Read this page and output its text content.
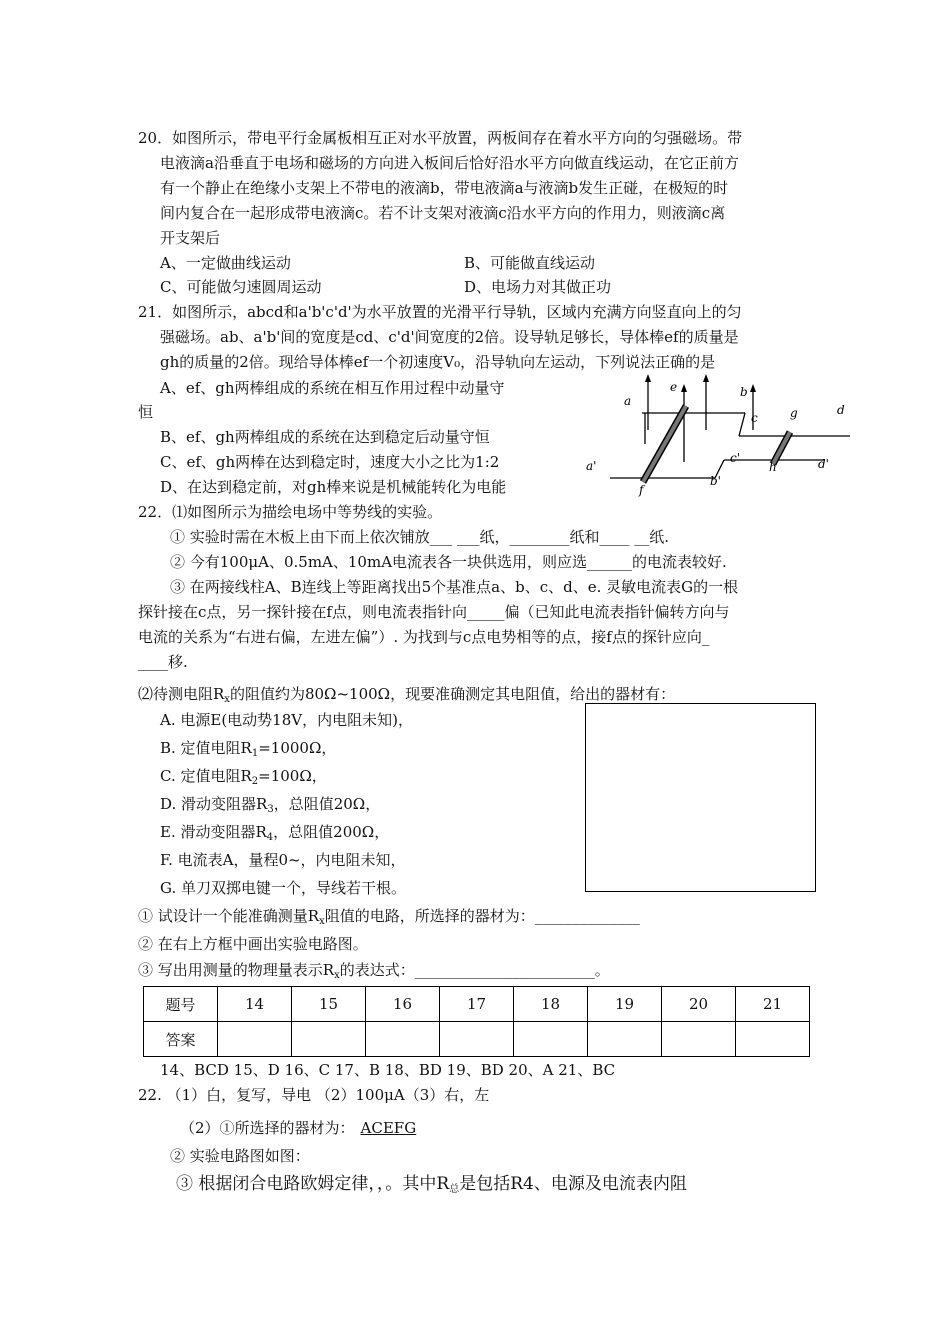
20．如图所示，带电平行金属板相互正对水平放置，两板间存在着水平方向的匀强磁场。带
电液滴a沿垂直于电场和磁场的方向进入板间后恰好沿水平方向做直线运动，在它正前方
有一个静止在绝缘小支架上不带电的液滴b，带电液滴a与液滴b发生正碰，在极短的时
间内复合在一起形成带电液滴c。若不计支架对液滴c沿水平方向的作用力，则液滴c离
开支架后
A、一定做曲线运动	B、可能做直线运动
C、可能做匀速圆周运动	D、电场力对其做正功
21．如图所示，abcd和a'b'c'd'为水平放置的光滑平行导轨，区域内充满方向竖直向上的匀
强磁场。ab、a'b'间的宽度是cd、c'd'间宽度的2倍。设导轨足够长，导体棒ef的质量是
gh的质量的2倍。现给导体棒ef一个初速度V₀，沿导轨向左运动，下列说法正确的是
A、ef、gh两棒组成的系统在相互作用过程中动量守
恒
B、ef、gh两棒组成的系统在达到稳定后动量守恒
C、ef、gh两棒在达到稳定时，速度大小之比为1:2
D、在达到稳定前，对gh棒来说是机械能转化为电能
a
e	b
c	g	d
a'
f
b'
c'
h	d'
22．⑴如图所示为描绘电场中等势线的实验。
① 实验时需在木板上由下而上依次铺放___ ___纸，________纸和____ __纸.
② 今有100μA、0.5mA、10mA电流表各一块供选用，则应选______的电流表较好.
③ 在两接线柱A、B连线上等距离找出5个基准点a、b、c、d、e. 灵敏电流表G的一根
探针接在c点，另一探针接在f点，则电流表指针向_____偏（已知此电流表指针偏转方向与
电流的关系为“右进右偏，左进左偏”）. 为找到与c点电势相等的点，接f点的探针应向_
____移.
⑵待测电阻$R_x$的阻值约为80Ω~100Ω，现要准确测定其电阻值，给出的器材有：
A. 电源E(电动势18V，内电阻未知)，
B. 定值电阻$R_1=1000\Omega$，
C. 定值电阻$R_2=100\Omega$，
D. 滑动变阻器$R_3$，总阻值20Ω，
E. 滑动变阻器$R_4$，总阻值200Ω，
F. 电流表A，量程0~，内电阻未知，
G. 单刀双掷电键一个，导线若干根。
① 试设计一个能准确测量$R_x$阻值的电路，所选择的器材为：______________
② 在右上方框中画出实验电路图。
③ 写出用测量的物理量表示$R_x$的表达式：________________________。
题号	14	15	16	17	18	19	20	21
答案								
14、BCD 15、D 16、C 17、B 18、BD 19、BD 20、A 21、BC
22. （1）白，复写，导电 （2）100μA（3）右，左
（2）①所选择的器材为： ACEFG
② 实验电路图如图：
③ 根据闭合电路欧姆定律，，。其中$R_总$是包括R4、电源及电流表内阻
